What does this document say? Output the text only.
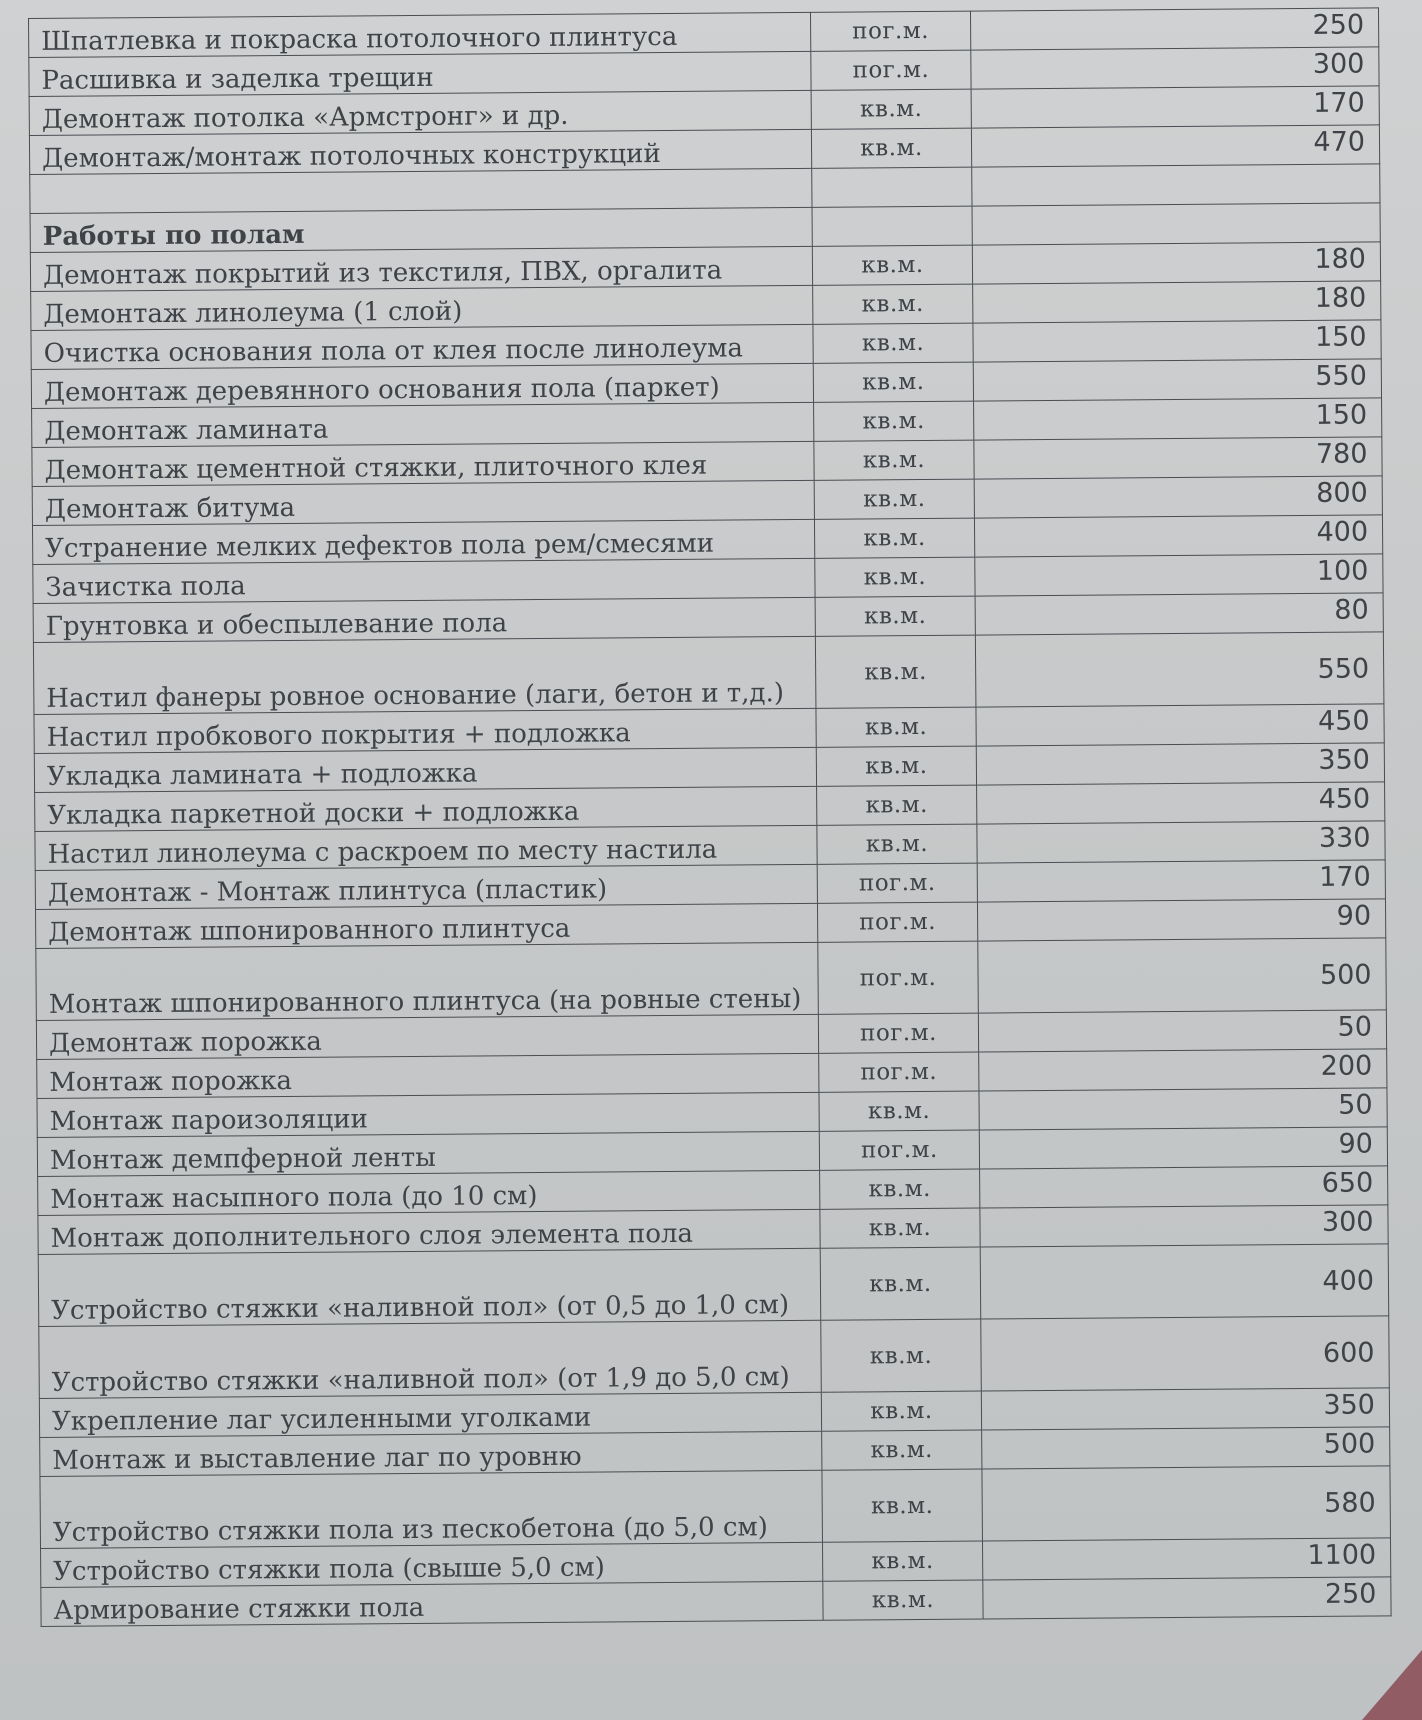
Шпатлевка и покраска потолочного плинтуса	пог.м.	250
Расшивка и заделка трещин	пог.м.	300
Демонтаж потолка «Армстронг» и др.	кв.м.	170
Демонтаж/монтаж потолочных конструкций	кв.м.	470

Работы по полам		
Демонтаж покрытий из текстиля, ПВХ, оргалита	кв.м.	180
Демонтаж линолеума (1 слой)	кв.м.	180
Очистка основания пола от клея после линолеума	кв.м.	150
Демонтаж деревянного основания пола (паркет)	кв.м.	550
Демонтаж ламината	кв.м.	150
Демонтаж цементной стяжки, плиточного клея	кв.м.	780
Демонтаж битума	кв.м.	800
Устранение мелких дефектов пола рем/смесями	кв.м.	400
Зачистка пола	кв.м.	100
Грунтовка и обеспылевание пола	кв.м.	80
Настил фанеры ровное основание (лаги, бетон и т,д.)	кв.м.	550
Настил пробкового покрытия + подложка	кв.м.	450
Укладка ламината + подложка	кв.м.	350
Укладка паркетной доски + подложка	кв.м.	450
Настил линолеума с раскроем по месту настила	кв.м.	330
Демонтаж - Монтаж плинтуса (пластик)	пог.м.	170
Демонтаж шпонированного плинтуса	пог.м.	90
Монтаж шпонированного плинтуса (на ровные стены)	пог.м.	500
Демонтаж порожка	пог.м.	50
Монтаж порожка	пог.м.	200
Монтаж пароизоляции	кв.м.	50
Монтаж демпферной ленты	пог.м.	90
Монтаж насыпного пола (до 10 см)	кв.м.	650
Монтаж дополнительного слоя элемента пола	кв.м.	300
Устройство стяжки «наливной пол» (от 0,5 до 1,0 см)	кв.м.	400
Устройство стяжки «наливной пол» (от 1,9 до 5,0 см)	кв.м.	600
Укрепление лаг усиленными уголками	кв.м.	350
Монтаж и выставление лаг по уровню	кв.м.	500
Устройство стяжки пола из пескобетона (до 5,0 см)	кв.м.	580
Устройство стяжки пола (свыше 5,0 см)	кв.м.	1100
Армирование стяжки пола	кв.м.	250
